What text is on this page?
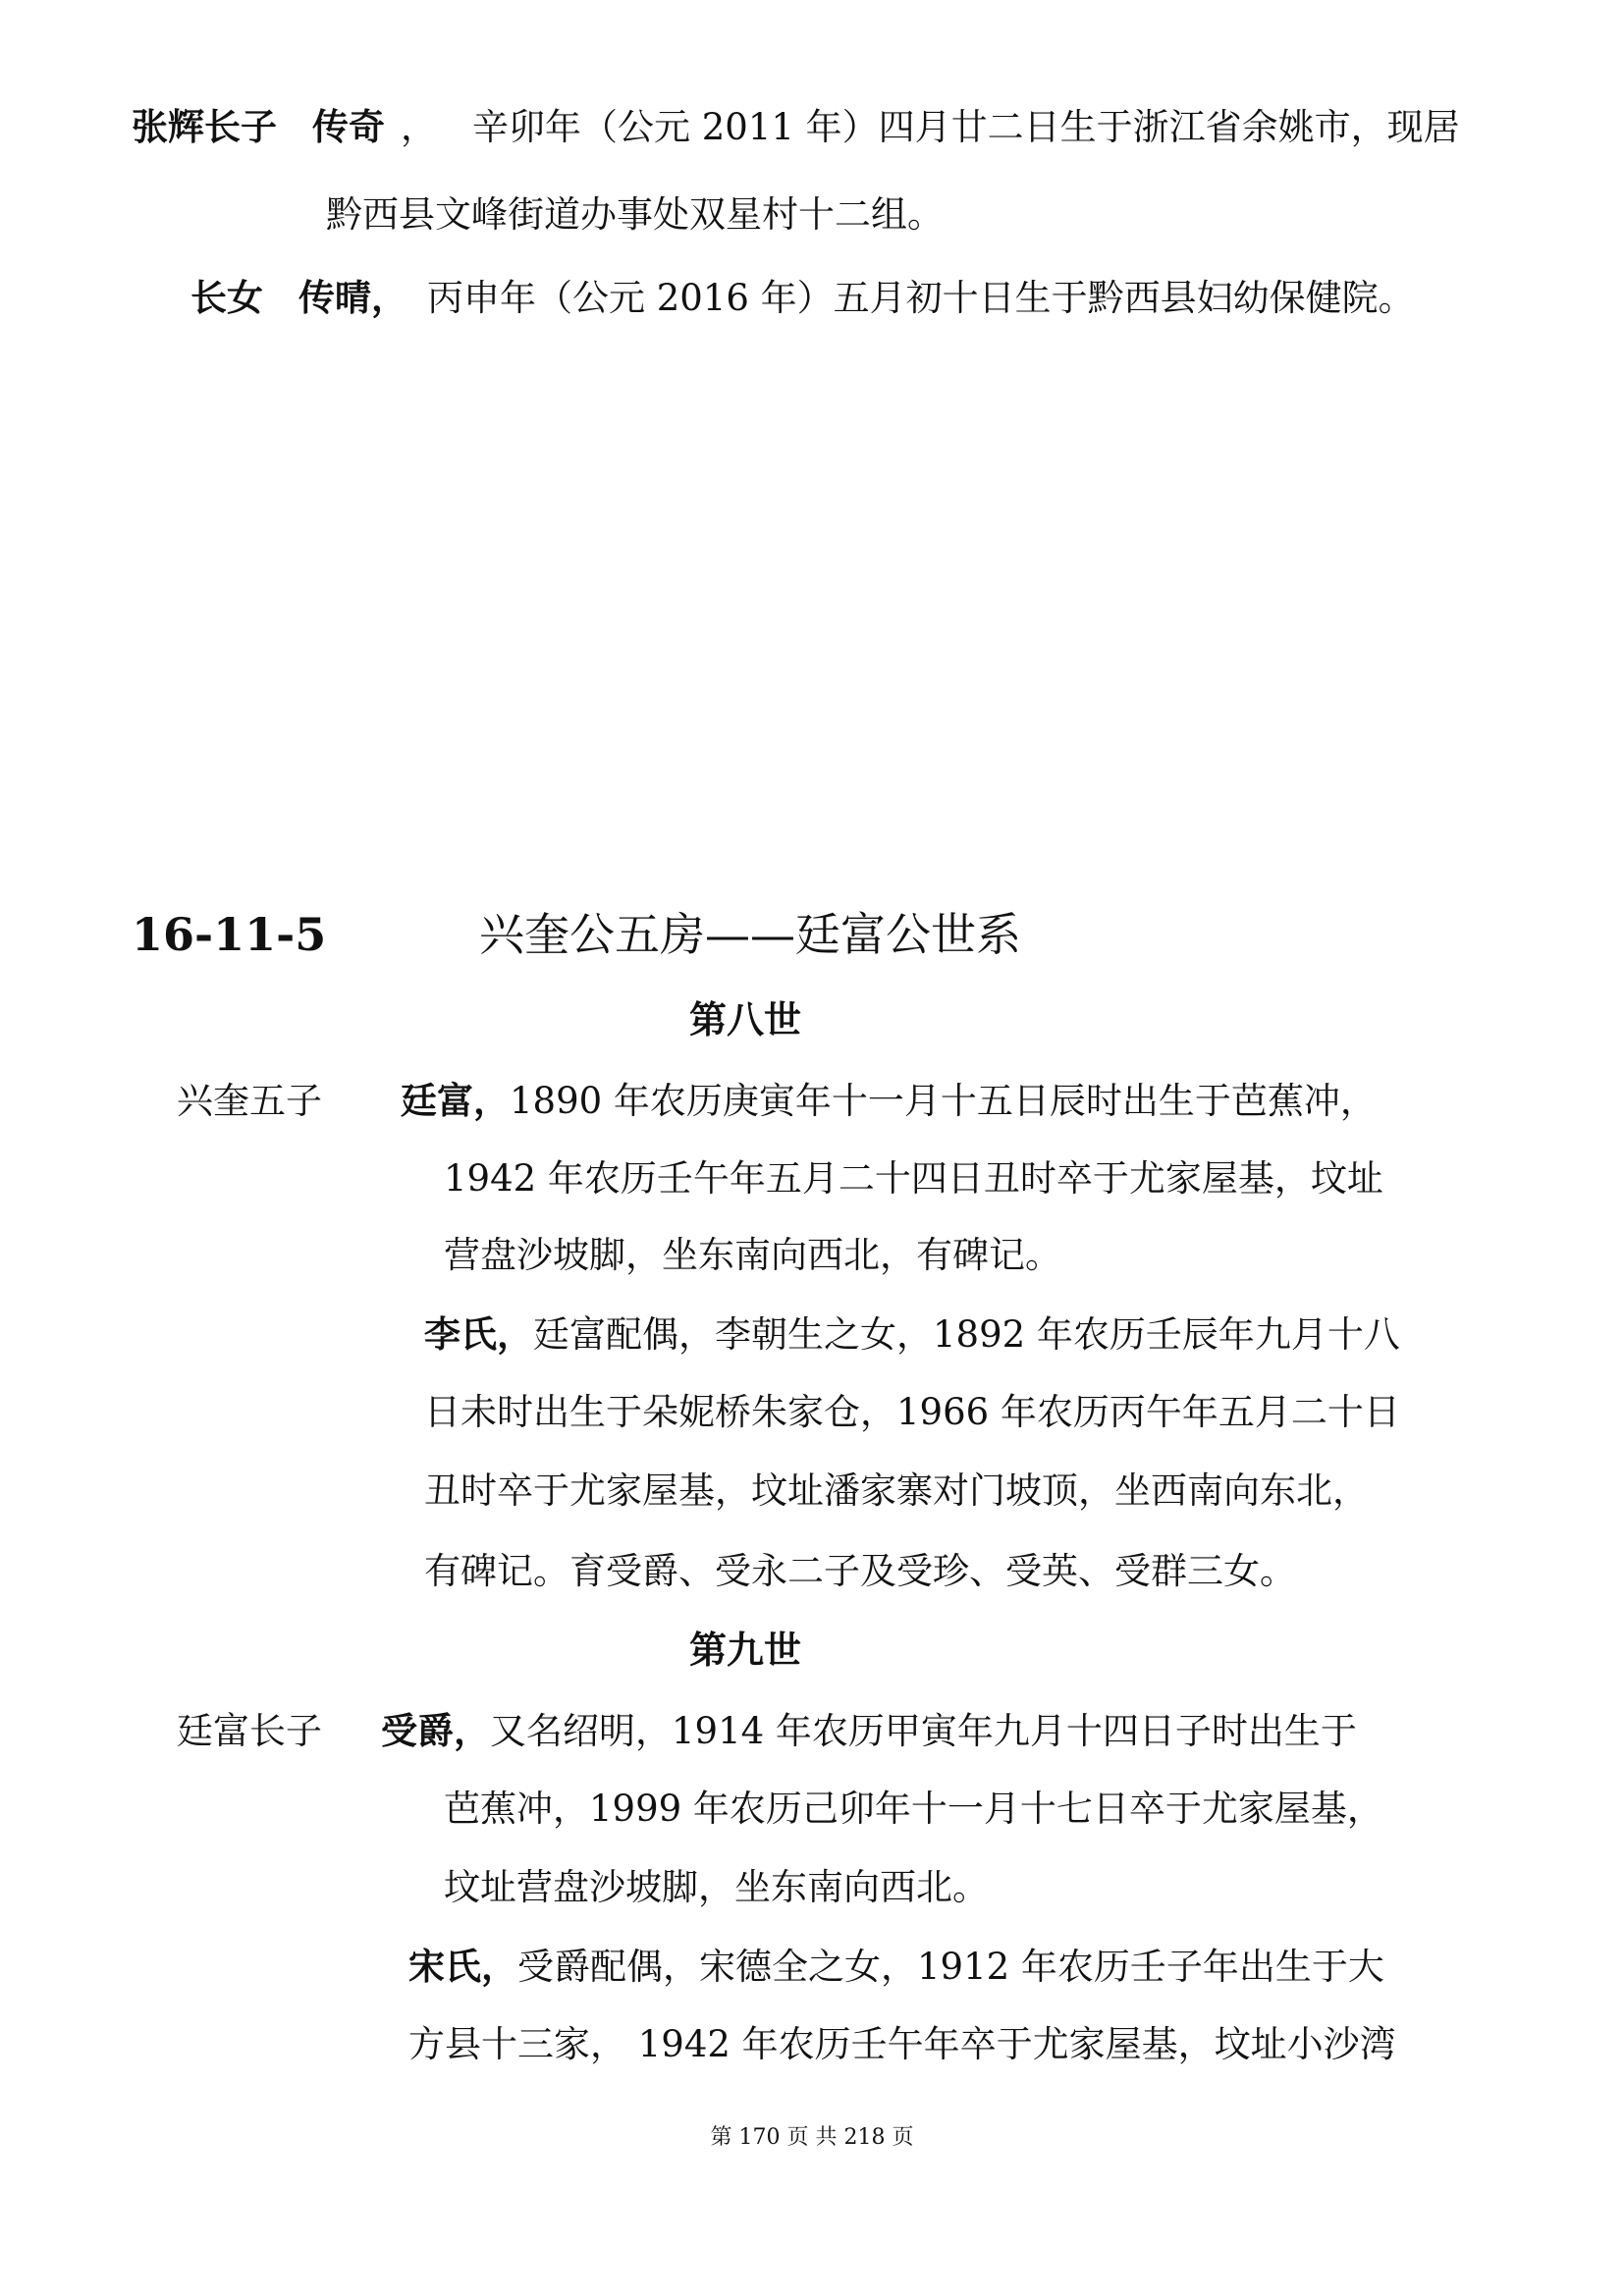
张辉长子 传奇 ， 辛卯年（公元 2011 年）四月廿二日生于浙江省余姚市，现居
黔西县文峰街道办事处双星村十二组。
长女 传晴， 丙申年（公元 2016 年）五月初十日生于黔西县妇幼保健院。
16-11-5	兴奎公五房——廷富公世系
第八世
兴奎五子 廷富，1890 年农历庚寅年十一月十五日辰时出生于芭蕉冲，
1942 年农历壬午年五月二十四日丑时卒于尤家屋基，坟址
营盘沙坡脚，坐东南向西北，有碑记。
李氏，廷富配偶，李朝生之女，1892 年农历壬辰年九月十八
日未时出生于朵妮桥朱家仓，1966 年农历丙午年五月二十日
丑时卒于尤家屋基，坟址潘家寨对门坡顶，坐西南向东北，
有碑记。育受爵、受永二子及受珍、受英、受群三女。
第九世
廷富长子 受爵，又名绍明，1914 年农历甲寅年九月十四日子时出生于
芭蕉冲，1999 年农历己卯年十一月十七日卒于尤家屋基，
坟址营盘沙坡脚，坐东南向西北。
宋氏，受爵配偶，宋德全之女，1912 年农历壬子年出生于大
方县十三家， 1942 年农历壬午年卒于尤家屋基，坟址小沙湾
第 170 页 共 218 页
